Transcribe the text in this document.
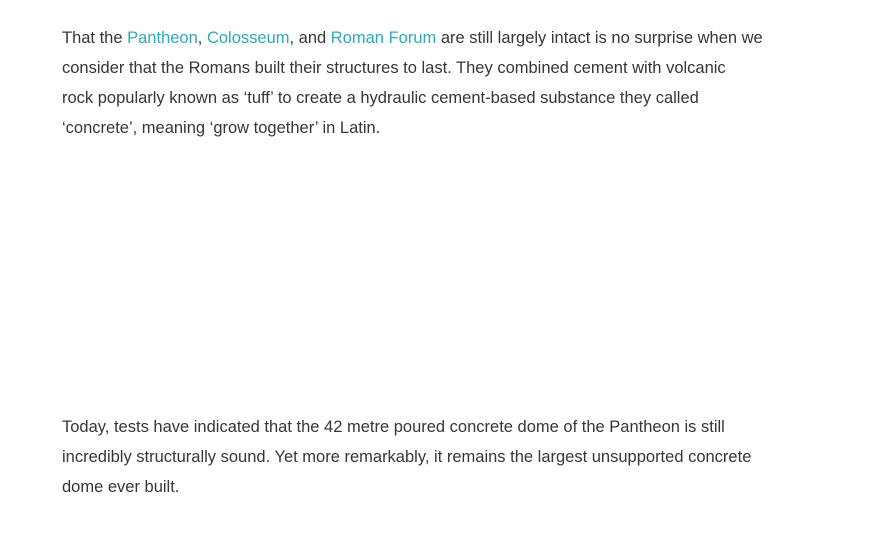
That the Pantheon, Colosseum, and Roman Forum are still largely intact is no surprise when we
consider that the Romans built their structures to last. They combined cement with volcanic
rock popularly known as ‘tuff’ to create a hydraulic cement-based substance they called
‘concrete’, meaning ‘grow together’ in Latin.
Today, tests have indicated that the 42 metre poured concrete dome of the Pantheon is still
incredibly structurally sound. Yet more remarkably, it remains the largest unsupported concrete
dome ever built.
